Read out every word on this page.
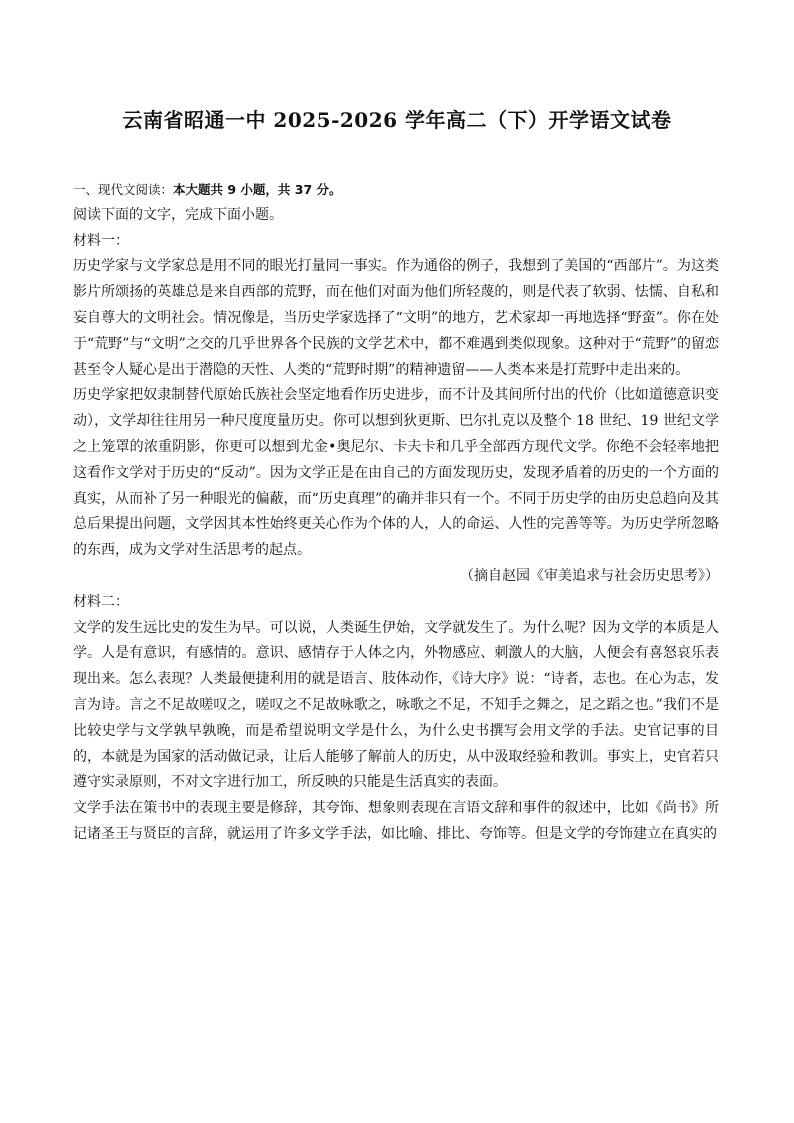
云南省昭通一中 2025-2026 学年高二（下）开学语文试卷

一、现代文阅读：本大题共 9 小题，共 37 分。

阅读下面的文字，完成下面小题。

材料一：

历史学家与文学家总是用不同的眼光打量同一事实。作为通俗的例子，我想到了美国的“西部片”。为这类影片所颂扬的英雄总是来自西部的荒野，而在他们对面为他们所轻蔑的，则是代表了软弱、怯懦、自私和妄自尊大的文明社会。情况像是，当历史学家选择了“文明”的地方，艺术家却一再地选择“野蛮”。你在处于“荒野”与“文明”之交的几乎世界各个民族的文学艺术中，都不难遇到类似现象。这种对于“荒野”的留恋甚至令人疑心是出于潜隐的天性、人类的“荒野时期”的精神遗留——人类本来是打荒野中走出来的。

历史学家把奴隶制替代原始氏族社会坚定地看作历史进步，而不计及其间所付出的代价（比如道德意识变动），文学却往往用另一种尺度度量历史。你可以想到狄更斯、巴尔扎克以及整个 18 世纪、19 世纪文学之上笼罩的浓重阴影，你更可以想到尤金•奥尼尔、卡夫卡和几乎全部西方现代文学。你绝不会轻率地把这看作文学对于历史的“反动”。因为文学正是在由自己的方面发现历史，发现矛盾着的历史的一个方面的真实，从而补了另一种眼光的偏蔽，而“历史真理”的确并非只有一个。不同于历史学的由历史总趋向及其总后果提出问题，文学因其本性始终更关心作为个体的人，人的命运、人性的完善等等。为历史学所忽略的东西，成为文学对生活思考的起点。

（摘自赵园《审美追求与社会历史思考》）

材料二：

文学的发生远比史的发生为早。可以说，人类诞生伊始，文学就发生了。为什么呢？因为文学的本质是人学。人是有意识，有感情的。意识、感情存于人体之内，外物感应、刺激人的大脑，人便会有喜怒哀乐表现出来。怎么表现？人类最便捷利用的就是语言、肢体动作，《诗大序》说：“诗者，志也。在心为志，发言为诗。言之不足故嗟叹之，嗟叹之不足故咏歌之，咏歌之不足，不知手之舞之，足之蹈之也。”我们不是比较史学与文学孰早孰晚，而是希望说明文学是什么，为什么史书撰写会用文学的手法。史官记事的目的，本就是为国家的活动做记录，让后人能够了解前人的历史，从中汲取经验和教训。事实上，史官若只遵守实录原则，不对文字进行加工，所反映的只能是生活真实的表面。

文学手法在策书中的表现主要是修辞，其夸饰、想象则表现在言语文辞和事件的叙述中，比如《尚书》所记诸圣王与贤臣的言辞，就运用了许多文学手法，如比喻、排比、夸饰等。但是文学的夸饰建立在真实的
